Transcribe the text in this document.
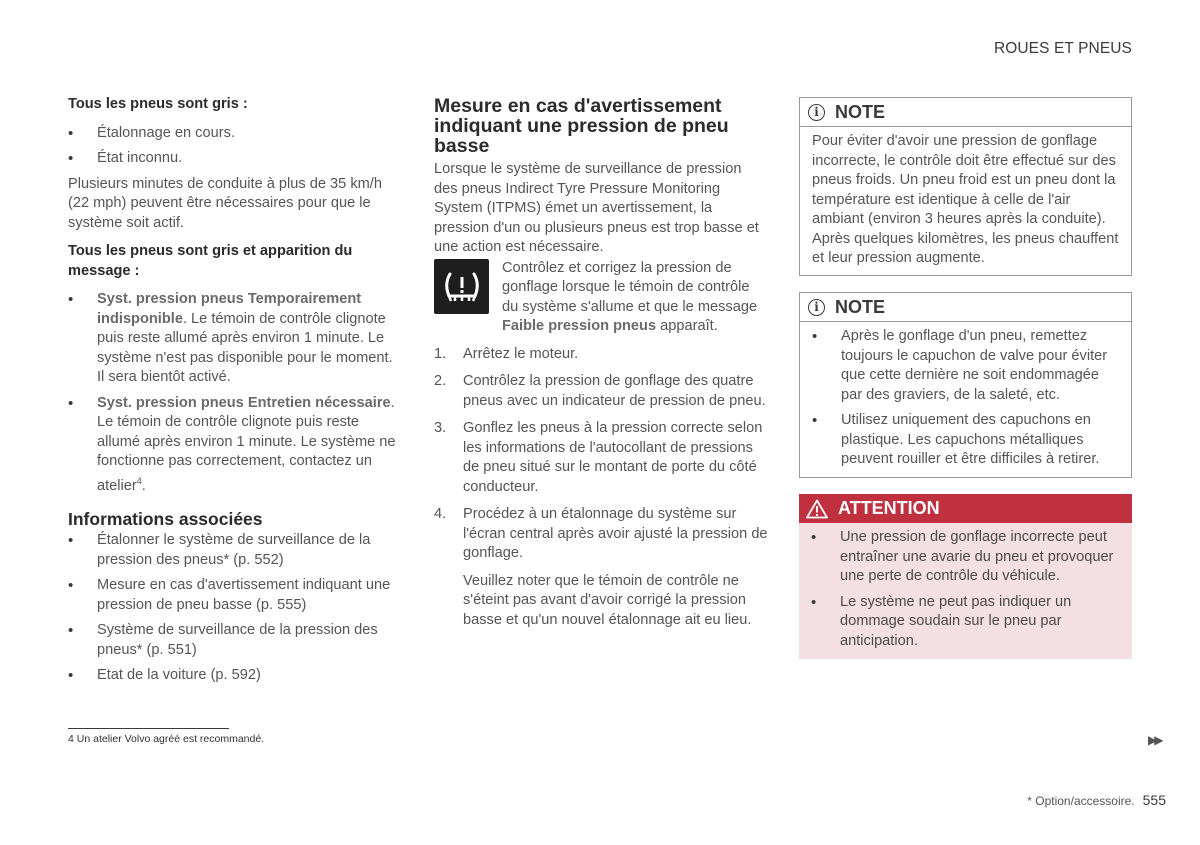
ROUES ET PNEUS

Tous les pneus sont gris :

• Étalonnage en cours.
• État inconnu.

Plusieurs minutes de conduite à plus de 35 km/h (22 mph) peuvent être nécessaires pour que le système soit actif.

Tous les pneus sont gris et apparition du message :

• Syst. pression pneus Temporairement indisponible. Le témoin de contrôle clignote puis reste allumé après environ 1 minute. Le système n'est pas disponible pour le moment. Il sera bientôt activé.
• Syst. pression pneus Entretien nécessaire. Le témoin de contrôle clignote puis reste allumé après environ 1 minute. Le système ne fonctionne pas correctement, contactez un atelier$^4$.
Informations associées
• Étalonner le système de surveillance de la pression des pneus* (p. 552)
• Mesure en cas d'avertissement indiquant une pression de pneu basse (p. 555)
• Système de surveillance de la pression des pneus* (p. 551)
• Etat de la voiture (p. 592)
Mesure en cas d'avertissement indiquant une pression de pneu basse

Lorsque le système de surveillance de pression des pneus Indirect Tyre Pressure Monitoring System (ITPMS) émet un avertissement, la pression d'un ou plusieurs pneus est trop basse et une action est nécessaire.

Contrôlez et corrigez la pression de gonflage lorsque le témoin de contrôle du système s'allume et que le message Faible pression pneus apparaît.

1. Arrêtez le moteur.
2. Contrôlez la pression de gonflage des quatre pneus avec un indicateur de pression de pneu.
3. Gonflez les pneus à la pression correcte selon les informations de l'autocollant de pressions de pneu situé sur le montant de porte du côté conducteur.
4. Procédez à un étalonnage du système sur l'écran central après avoir ajusté la pression de gonflage.

Veuillez noter que le témoin de contrôle ne s'éteint pas avant d'avoir corrigé la pression basse et qu'un nouvel étalonnage ait eu lieu.

i NOTE
Pour éviter d'avoir une pression de gonflage incorrecte, le contrôle doit être effectué sur des pneus froids. Un pneu froid est un pneu dont la température est identique à celle de l'air ambiant (environ 3 heures après la conduite). Après quelques kilomètres, les pneus chauffent et leur pression augmente.
i NOTE
• Après le gonflage d'un pneu, remettez toujours le capuchon de valve pour éviter que cette dernière ne soit endommagée par des graviers, de la saleté, etc.
• Utilisez uniquement des capuchons en plastique. Les capuchons métalliques peuvent rouiller et être difficiles à retirer.
ATTENTION
• Une pression de gonflage incorrecte peut entraîner une avarie du pneu et provoquer une perte de contrôle du véhicule.
• Le système ne peut pas indiquer un dommage soudain sur le pneu par anticipation.
4 Un atelier Volvo agréé est recommandé.	▶▶
* Option/accessoire. 555
